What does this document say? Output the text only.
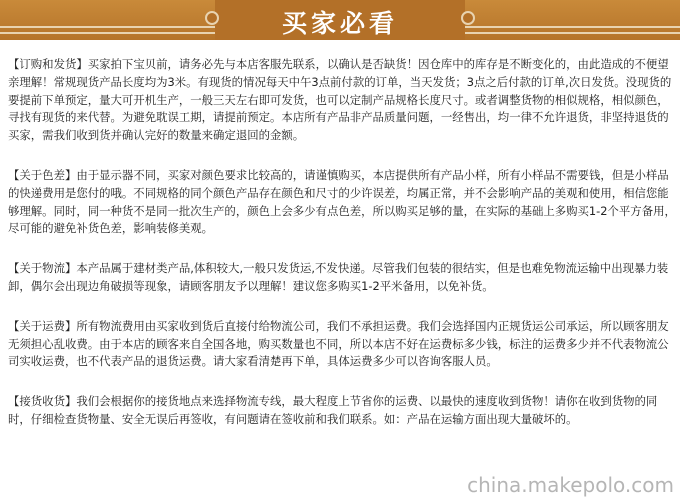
买家必看

【订购和发货】买家拍下宝贝前，请务必先与本店客服先联系，以确认是否缺货！因仓库中的库存是不断变化的，由此造成的不便望亲理解！常规现货产品长度均为3米。有现货的情况每天中午3点前付款的订单，当天发货；3点之后付款的订单,次日发货。没现货的要提前下单预定，量大可开机生产，一般三天左右即可发货，也可以定制产品规格长度尺寸。或者调整货物的相似规格，相似颜色，寻找有现货的来代替。为避免耽误工期，请提前预定。本店所有产品非产品质量问题，一经售出，均一律不允许退货，非坚持退货的买家，需我们收到货并确认完好的数量来确定退回的金额。

【关于色差】由于显示器不同，买家对颜色要求比较高的，请谨慎购买，本店提供所有产品小样，所有小样品不需要钱，但是小样品的快递费用是您付的哦。不同规格的同个颜色产品存在颜色和尺寸的少许误差，均属正常，并不会影响产品的美观和使用，相信您能够理解。同时，同一种货不是同一批次生产的，颜色上会多少有点色差，所以购买足够的量，在实际的基础上多购买1-2个平方备用，尽可能的避免补货色差，影响装修美观。

【关于物流】本产品属于建材类产品,体积较大,一般只发货运,不发快递。尽管我们包装的很结实，但是也难免物流运输中出现暴力装卸，偶尔会出现边角破损等现象，请顾客朋友予以理解！建议您多购买1-2平米备用，以免补货。

【关于运费】所有物流费用由买家收到货后直接付给物流公司，我们不承担运费。我们会选择国内正规货运公司承运，所以顾客朋友无须担心乱收费。由于本店的顾客来自全国各地，购买数量也不同，所以本店不好在运费标多少钱，标注的运费多少并不代表物流公司实收运费，也不代表产品的退货运费。请大家看清楚再下单，具体运费多少可以咨询客服人员。

【接货收货】我们会根据你的接货地点来选择物流专线，最大程度上节省你的运费、以最快的速度收到货物！请你在收到货物的同时，仔细检查货物量、安全无误后再签收，有问题请在签收前和我们联系。如：产品在运输方面出现大量破坏的。

china.makepolo.com
